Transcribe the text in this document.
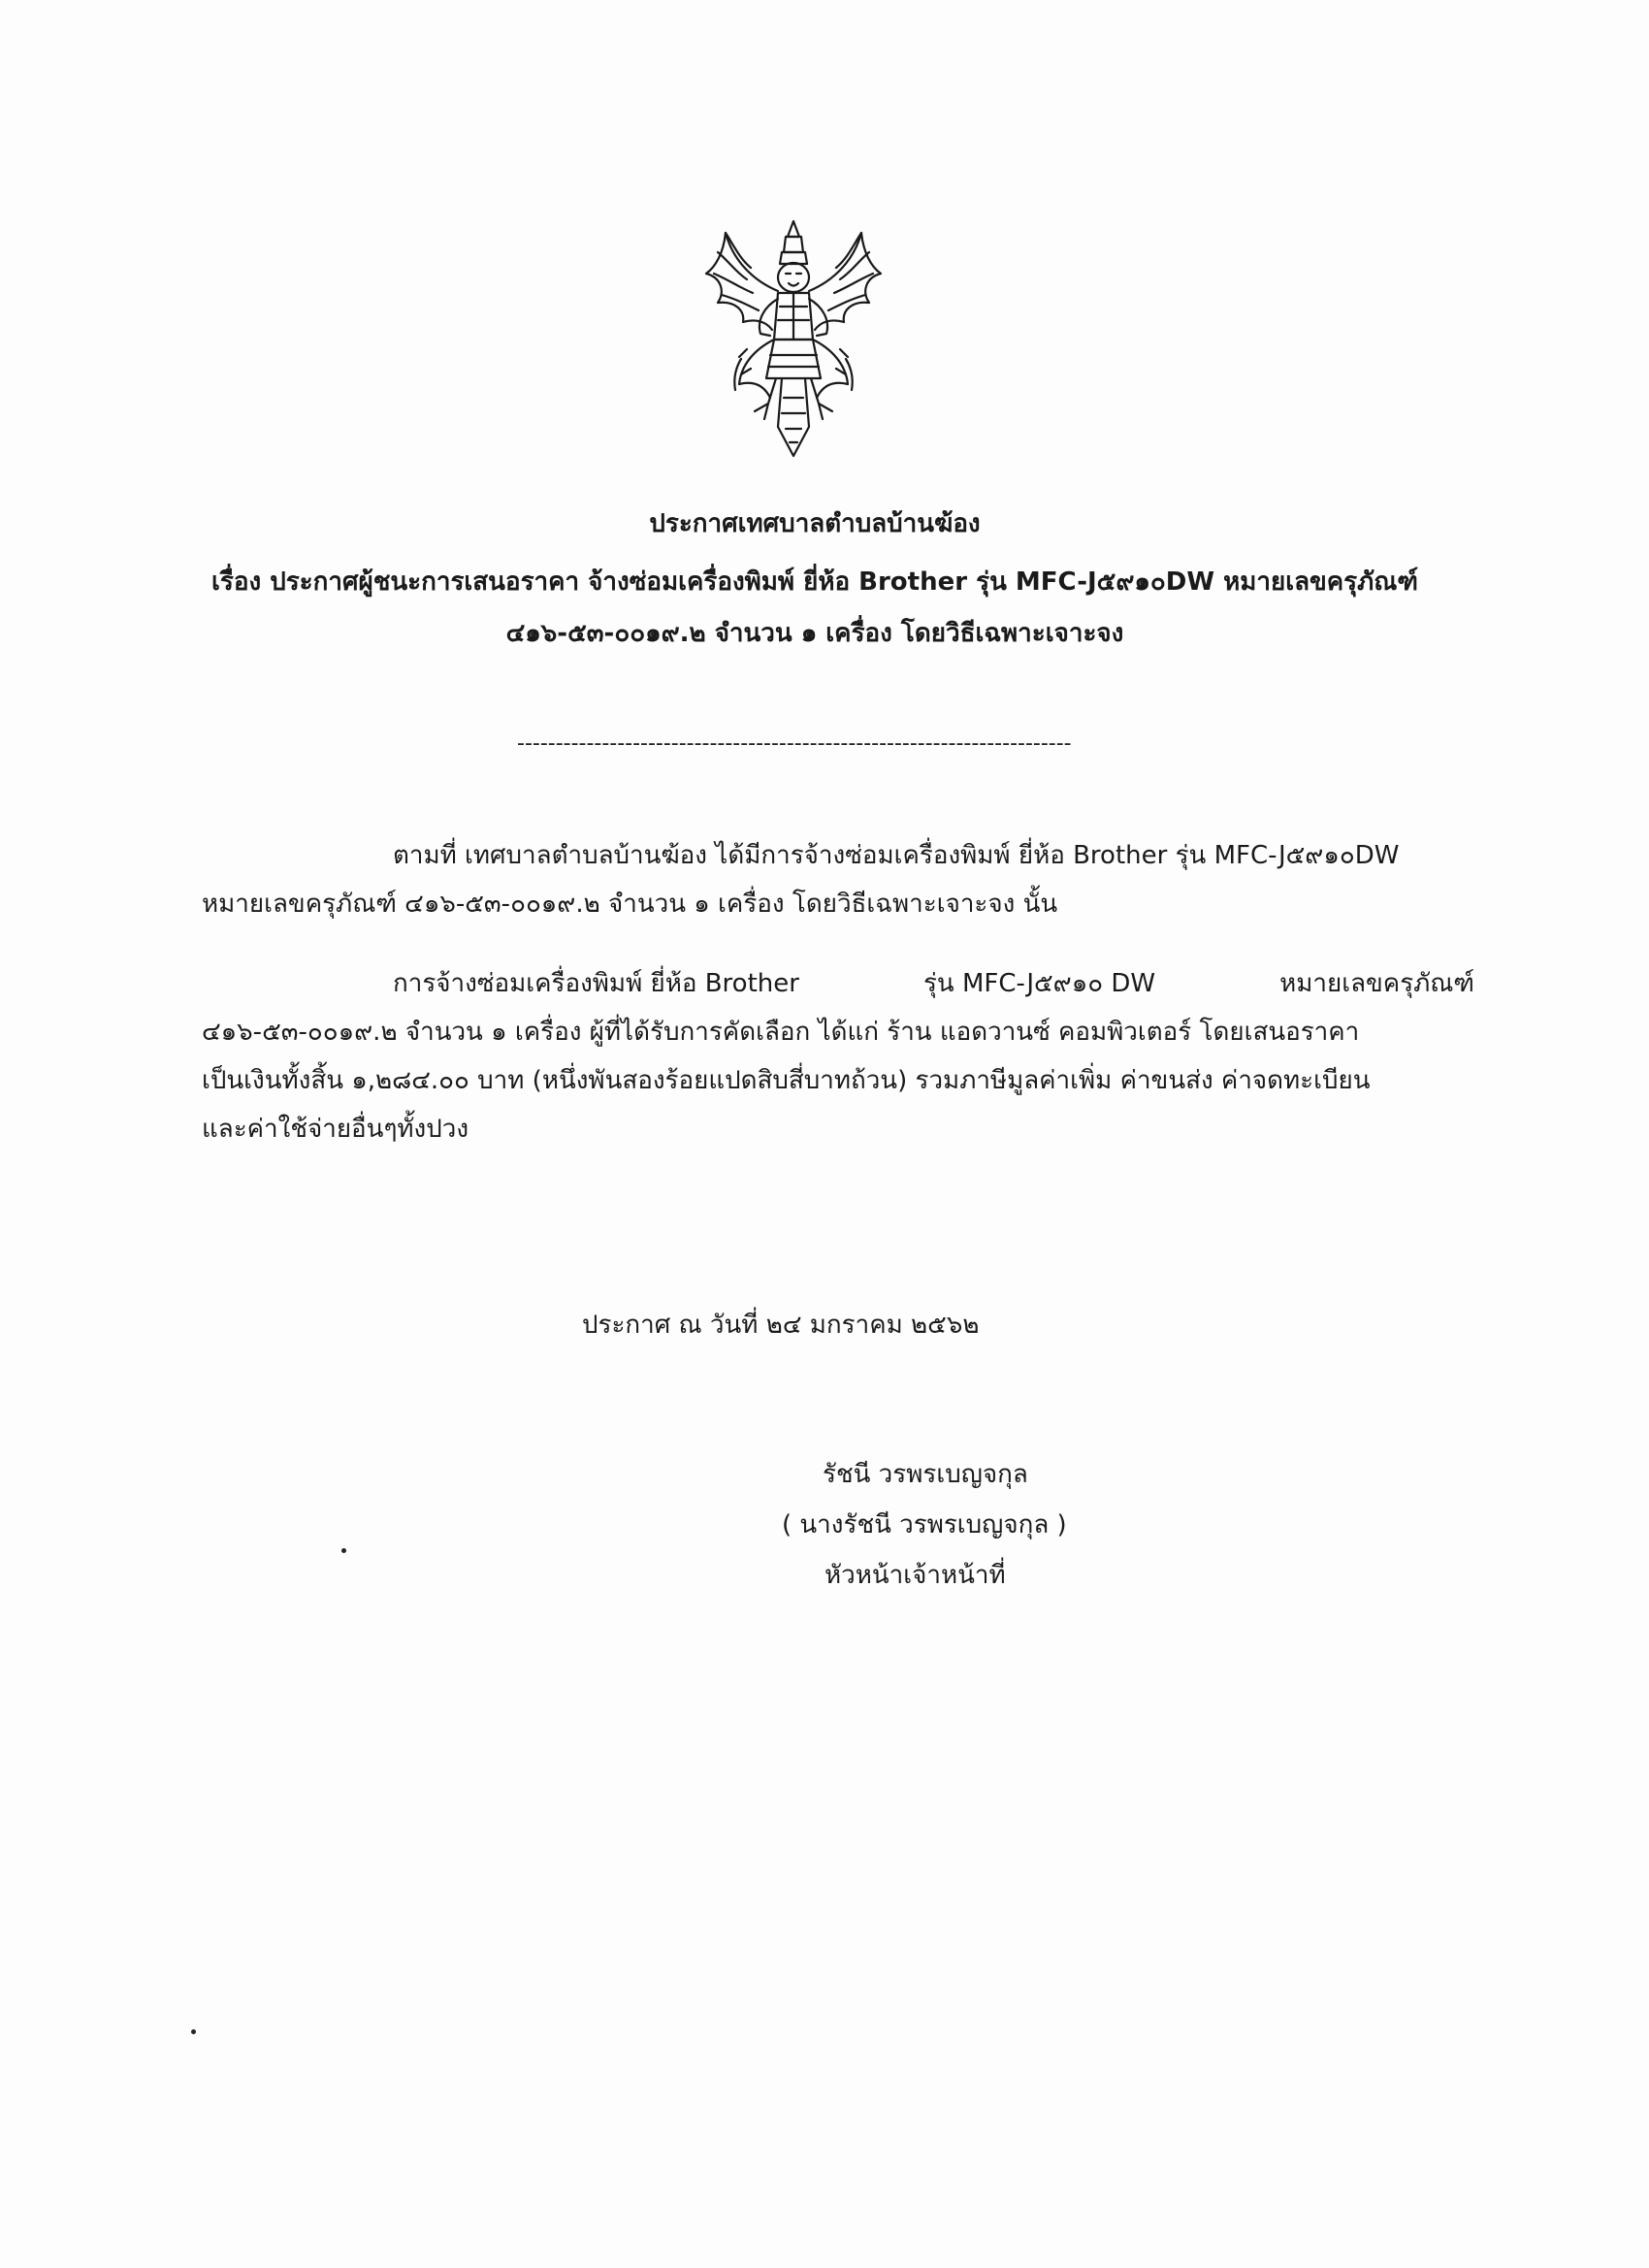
ประกาศเทศบาลตำบลบ้านฆ้อง
เรื่อง ประกาศผู้ชนะการเสนอราคา จ้างซ่อมเครื่องพิมพ์ ยี่ห้อ Brother รุ่น MFC-J๕๙๑๐DW หมายเลขครุภัณฑ์
๔๑๖-๕๓-๐๐๑๙.๒ จำนวน ๑ เครื่อง โดยวิธีเฉพาะเจาะจง
------------------------------------------------------------------------
ตามที่ เทศบาลตำบลบ้านฆ้อง ได้มีการจ้างซ่อมเครื่องพิมพ์ ยี่ห้อ Brother รุ่น MFC-J๕๙๑๐DW
หมายเลขครุภัณฑ์ ๔๑๖-๕๓-๐๐๑๙.๒ จำนวน ๑ เครื่อง โดยวิธีเฉพาะเจาะจง นั้น
การจ้างซ่อมเครื่องพิมพ์ ยี่ห้อ Brother	รุ่น MFC-J๕๙๑๐ DW	หมายเลขครุภัณฑ์
๔๑๖-๕๓-๐๐๑๙.๒ จำนวน ๑ เครื่อง ผู้ที่ได้รับการคัดเลือก ได้แก่ ร้าน แอดวานซ์ คอมพิวเตอร์ โดยเสนอราคา
เป็นเงินทั้งสิ้น ๑,๒๘๔.๐๐ บาท (หนึ่งพันสองร้อยแปดสิบสี่บาทถ้วน) รวมภาษีมูลค่าเพิ่ม ค่าขนส่ง ค่าจดทะเบียน
และค่าใช้จ่ายอื่นๆทั้งปวง
ประกาศ ณ วันที่ ๒๔ มกราคม ๒๕๖๒
รัชนี วรพรเบญจกุล
( นางรัชนี วรพรเบญจกุล )
หัวหน้าเจ้าหน้าที่
